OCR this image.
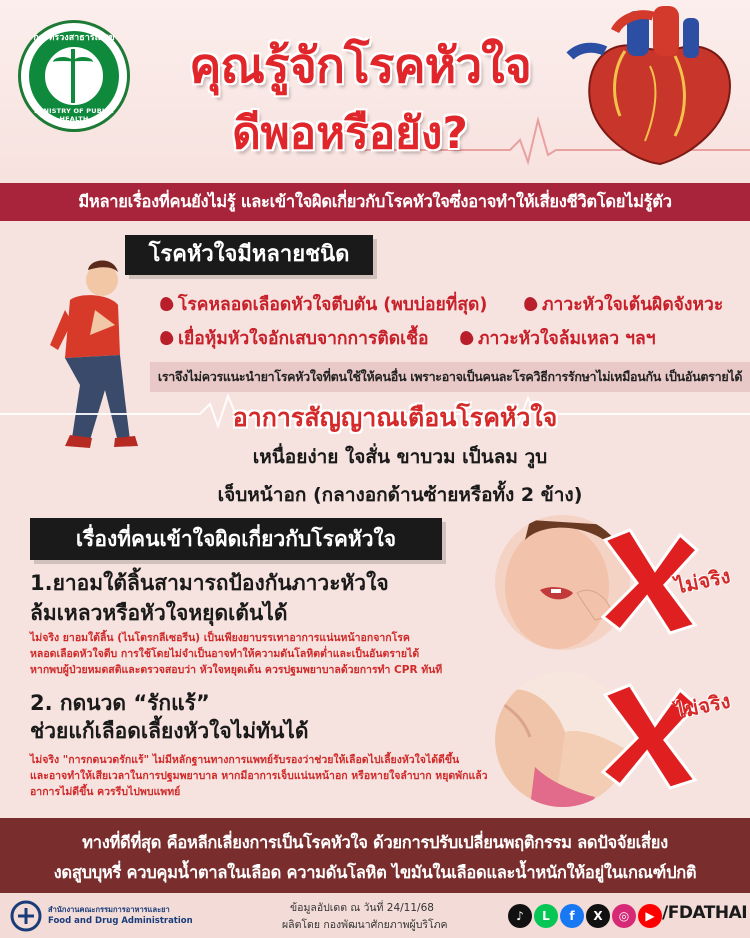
กระทรวงสาธารณสุข
MINISTRY OF PUBLIC HEALTH
คุณรู้จักโรคหัวใจ
ดีพอหรือยัง?
มีหลายเรื่องที่คนยังไม่รู้ และเข้าใจผิดเกี่ยวกับโรคหัวใจซึ่งอาจทำให้เสี่ยงชีวิตโดยไม่รู้ตัว
โรคหัวใจมีหลายชนิด
โรคหลอดเลือดหัวใจตีบตัน (พบบ่อยที่สุด)	ภาวะหัวใจเต้นผิดจังหวะ
เยื่อหุ้มหัวใจอักเสบจากการติดเชื้อ	ภาวะหัวใจล้มเหลว ฯลฯ
เราจึงไม่ควรแนะนำยาโรคหัวใจที่ตนใช้ให้คนอื่น เพราะอาจเป็นคนละโรควิธีการรักษาไม่เหมือนกัน เป็นอันตรายได้
อาการสัญญาณเตือนโรคหัวใจ
เหนื่อยง่าย ใจสั่น ขาบวม เป็นลม วูบ
เจ็บหน้าอก (กลางอกด้านซ้ายหรือทั้ง 2 ข้าง)
เรื่องที่คนเข้าใจผิดเกี่ยวกับโรคหัวใจ
1.ยาอมใต้ลิ้นสามารถป้องกันภาวะหัวใจ
ล้มเหลวหรือหัวใจหยุดเต้นได้
ไม่จริง ยาอมใต้ลิ้น (ไนโตรกลีเซอรีน) เป็นเพียงยาบรรเทาอาการแน่นหน้าอกจากโรค
หลอดเลือดหัวใจตีบ การใช้โดยไม่จำเป็นอาจทำให้ความดันโลหิตต่ำและเป็นอันตรายได้
หากพบผู้ป่วยหมดสติและตรวจสอบว่า หัวใจหยุดเต้น ควรปฐมพยาบาลด้วยการทำ CPR ทันที
2. กดนวด “รักแร้”
ช่วยแก้เลือดเลี้ยงหัวใจไม่ทันได้
ไม่จริง "การกดนวดรักแร้" ไม่มีหลักฐานทางการแพทย์รับรองว่าช่วยให้เลือดไปเลี้ยงหัวใจได้ดีขึ้น
และอาจทำให้เสียเวลาในการปฐมพยาบาล หากมีอาการเจ็บแน่นหน้าอก หรือหายใจลำบาก หยุดพักแล้ว
อาการไม่ดีขึ้น ควรรีบไปพบแพทย์
ไม่จริง
ไม่จริง
ทางที่ดีที่สุด คือหลีกเลี่ยงการเป็นโรคหัวใจ ด้วยการปรับเปลี่ยนพฤติกรรม ลดปัจจัยเสี่ยง
งดสูบบุหรี่ ควบคุมน้ำตาลในเลือด ความดันโลหิต ไขมันในเลือดและน้ำหนักให้อยู่ในเกณฑ์ปกติ
สำนักงานคณะกรรมการอาหารและยา
Food and Drug Administration
ข้อมูลอัปเดต ณ วันที่ 24/11/68
ผลิตโดย กองพัฒนาศักยภาพผู้บริโภค
♪	L	f	X	◎	▶ /FDATHAI
